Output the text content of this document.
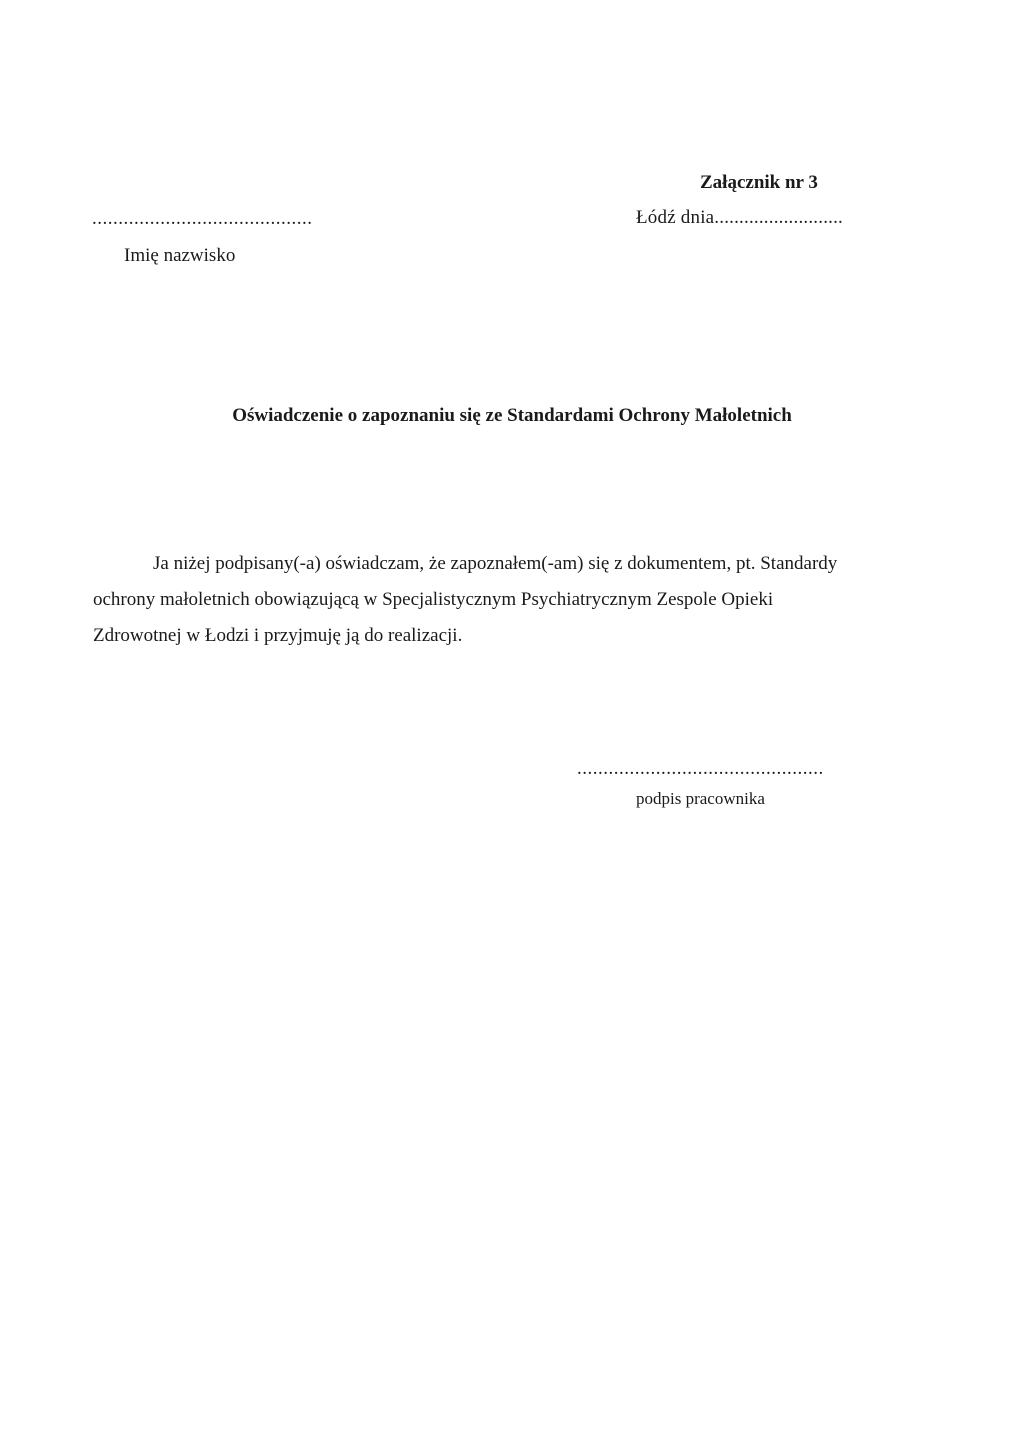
Załącznik nr 3
..........................................	Łódź dnia..........................
Imię nazwisko
Oświadczenie o zapoznaniu się ze Standardami Ochrony Małoletnich
Ja niżej podpisany(-a) oświadczam, że zapoznałem(-am) się z dokumentem, pt. Standardy
ochrony małoletnich obowiązującą w Specjalistycznym Psychiatrycznym Zespole Opieki
Zdrowotnej w Łodzi i przyjmuję ją do realizacji.
...............................................
podpis pracownika
